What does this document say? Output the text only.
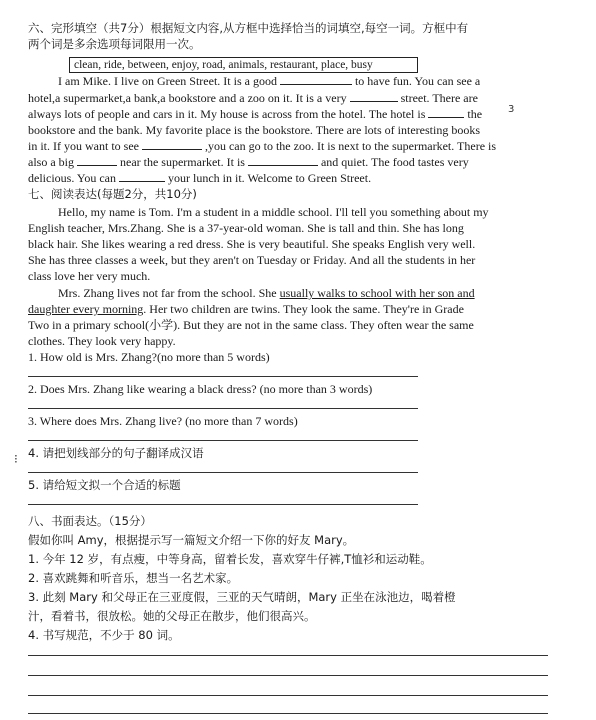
六、完形填空（共7分）根据短文内容,从方框中选择恰当的词填空,每空一词。方框中有
两个词是多余选项每词限用一次。
clean, ride, between, enjoy, road, animals, restaurant, place, busy
I am Mike. I live on Green Street. It is a good	to have fun. You can see a
hotel,a supermarket,a bank,a bookstore and a zoo on it. It is a very	street. There are
always lots of people and cars in it. My house is across from the hotel. The hotel is	the	3
bookstore and the bank. My favorite place is the bookstore. There are lots of interesting books
in it. If you want to see	,you can go to the zoo. It is next to the supermarket. There is
also a big	near the supermarket. It is	and quiet. The food tastes very
delicious. You can	your lunch in it. Welcome to Green Street.
七、阅读表达(每题2分，共10分)
Hello, my name is Tom. I'm a student in a middle school. I'll tell you something about my
English teacher, Mrs.Zhang. She is a 37-year-old woman. She is tall and thin. She has long
black hair. She likes wearing a red dress. She is very beautiful. She speaks English very well.
She has three classes a week, but they aren't on Tuesday or Friday. And all the students in her
class love her very much.
Mrs. Zhang lives not far from the school. She usually walks to school with her son and
daughter every morning. Her two children are twins. They look the same. They're in Grade
Two in a primary school(小学). But they are not in the same class. They often wear the same
clothes. They look very happy.
1. How old is Mrs. Zhang?(no more than 5 words)
2. Does Mrs. Zhang like wearing a black dress? (no more than 3 words)
3. Where does Mrs. Zhang live? (no more than 7 words)
⁝ 4. 请把划线部分的句子翻译成汉语
5. 请给短文拟一个合适的标题
八、书面表达。（15分）
假如你叫 Amy，根据提示写一篇短文介绍一下你的好友 Mary。
1. 今年 12 岁，有点瘦，中等身高，留着长发，喜欢穿牛仔裤,T恤衫和运动鞋。
2. 喜欢跳舞和听音乐，想当一名艺术家。
3. 此刻 Mary 和父母正在三亚度假，三亚的天气晴朗，Mary 正坐在泳池边，喝着橙
汁，看着书，很放松。她的父母正在散步，他们很高兴。
4. 书写规范，不少于 80 词。
